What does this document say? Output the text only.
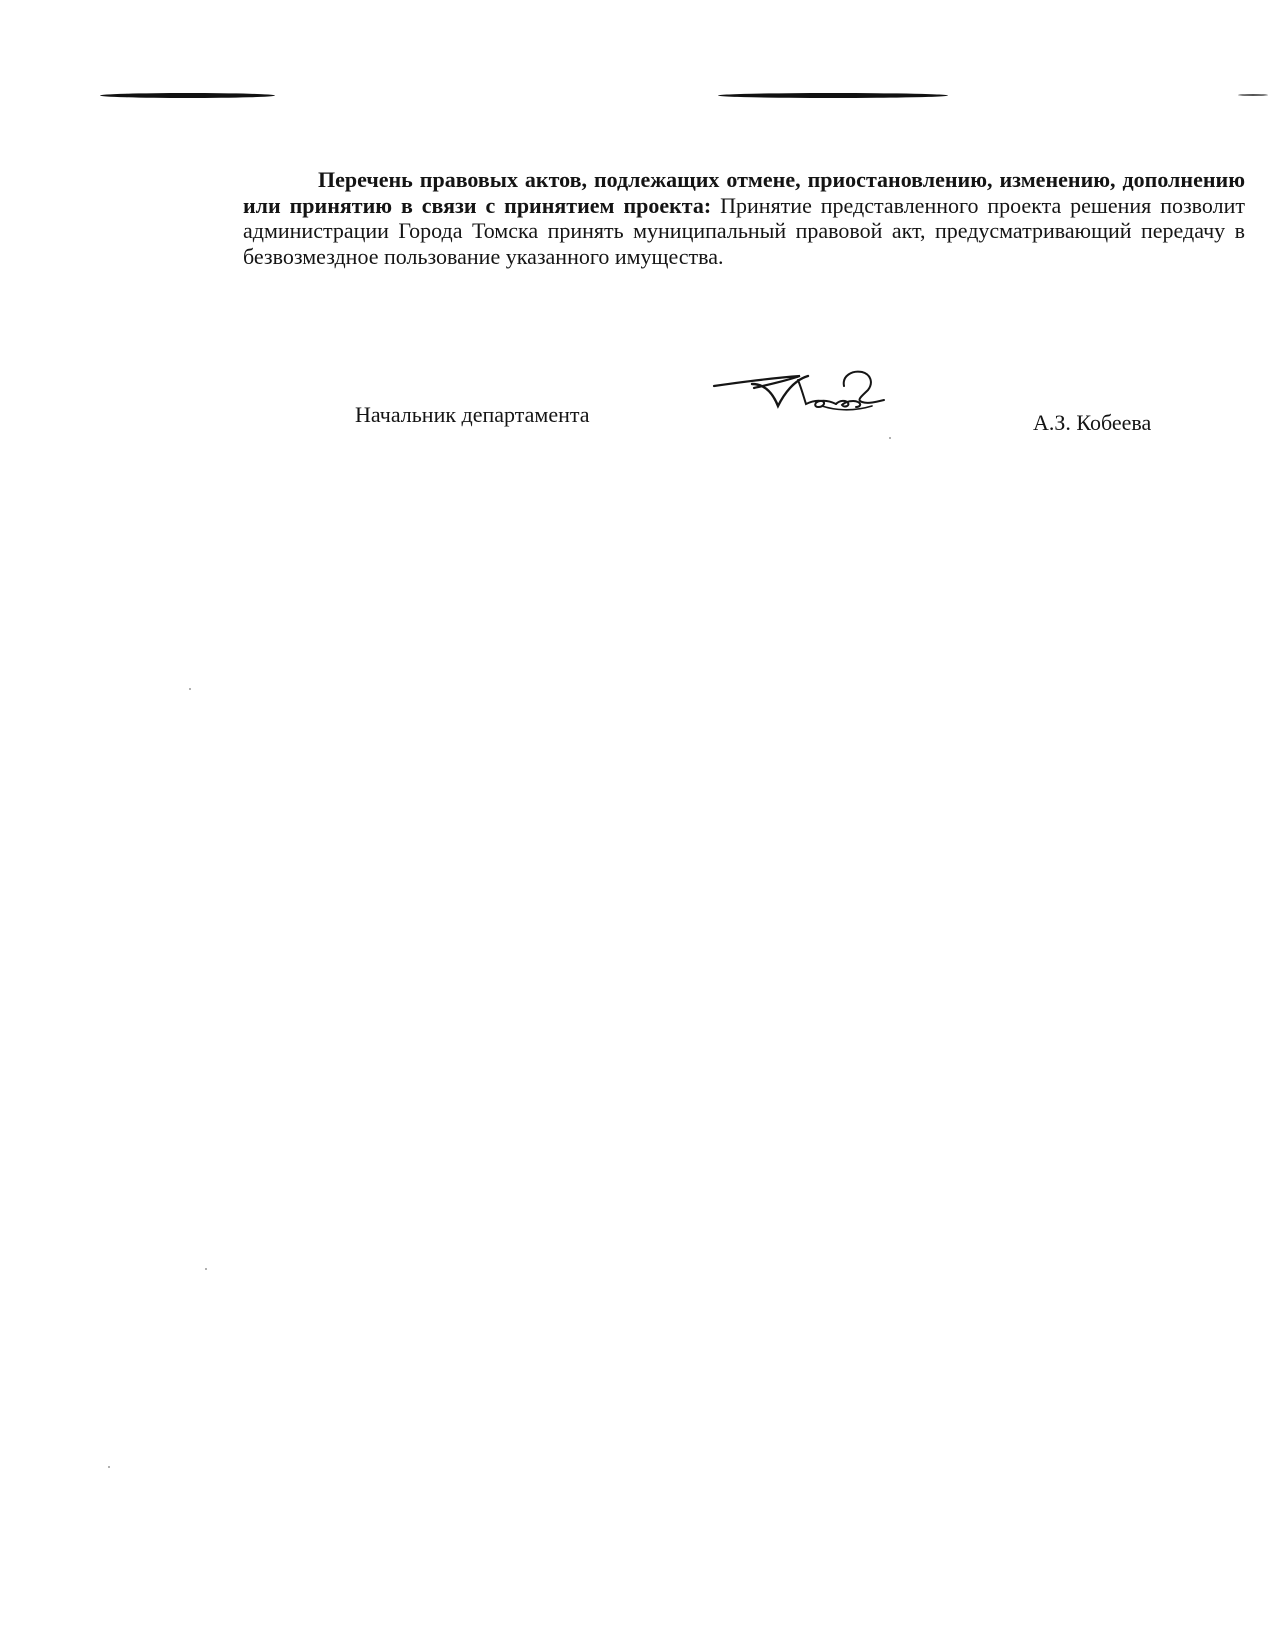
Перечень правовых актов, подлежащих отмене, приостановлению, изменению, дополнению или принятию в связи с принятием проекта: Принятие представленного проекта решения позволит администрации Города Томска принять муниципальный правовой акт, предусматривающий передачу в безвозмездное пользование указанного имущества.

Начальник департамента	А.З. Кобеева
